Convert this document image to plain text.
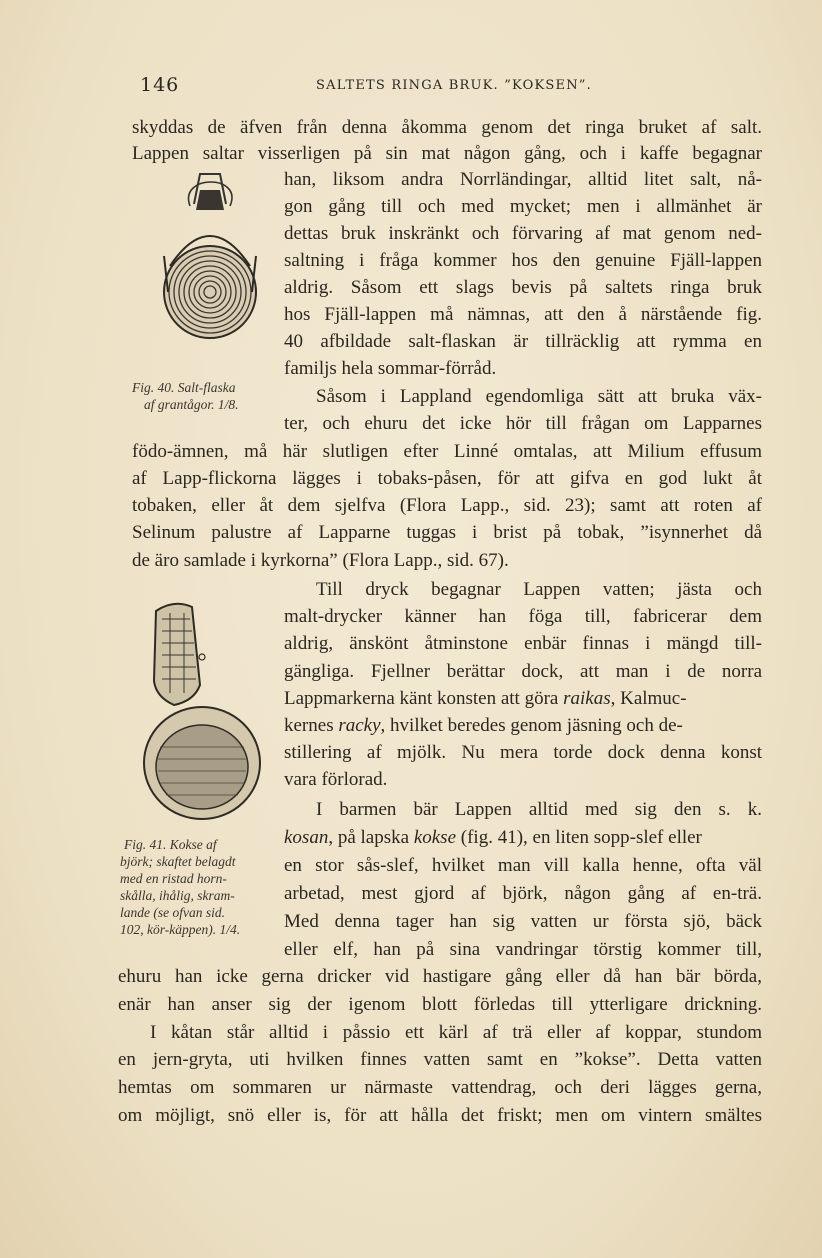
146	SALTETS RINGA BRUK. ”KOKSEN”.
Fig. 40. Salt-flaska
af grantågor. 1/8.
Fig. 41. Kokse af
björk; skaftet belagdt
med en ristad horn-
skålla, ihålig, skram-
lande (se ofvan sid.
102, kör-käppen). 1/4.
skyddas de äfven från denna åkomma genom det ringa bruket af salt.
Lappen saltar visserligen på sin mat någon gång, och i kaffe begagnar
han, liksom andra Norrländingar, alltid litet salt, nå-
gon gång till och med mycket; men i allmänhet är
dettas bruk inskränkt och förvaring af mat genom ned-
saltning i fråga kommer hos den genuine Fjäll-lappen
aldrig. Såsom ett slags bevis på saltets ringa bruk
hos Fjäll-lappen må nämnas, att den å närstående fig.
40 afbildade salt-flaskan är tillräcklig att rymma en
familjs hela sommar-förråd.
Såsom i Lappland egendomliga sätt att bruka väx-
ter, och ehuru det icke hör till frågan om Lapparnes
födo-ämnen, må här slutligen efter Linné omtalas, att Milium effusum
af Lapp-flickorna lägges i tobaks-påsen, för att gifva en god lukt åt
tobaken, eller åt dem sjelfva (Flora Lapp., sid. 23); samt att roten af
Selinum palustre af Lapparne tuggas i brist på tobak, ”isynnerhet då
de äro samlade i kyrkorna” (Flora Lapp., sid. 67).
Till dryck begagnar Lappen vatten; jästa och
malt-drycker känner han föga till, fabricerar dem
aldrig, änskönt åtminstone enbär finnas i mängd till-
gängliga. Fjellner berättar dock, att man i de norra
Lappmarkerna känt konsten att göra raikas, Kalmuc-
kernes racky, hvilket beredes genom jäsning och de-
stillering af mjölk. Nu mera torde dock denna konst
vara förlorad.
I barmen bär Lappen alltid med sig den s. k.
kosan, på lapska kokse (fig. 41), en liten sopp-slef eller
en stor sås-slef, hvilket man vill kalla henne, ofta väl
arbetad, mest gjord af björk, någon gång af en-trä.
Med denna tager han sig vatten ur första sjö, bäck
eller elf, han på sina vandringar törstig kommer till,
ehuru han icke gerna dricker vid hastigare gång eller då han bär börda,
enär han anser sig der igenom blott förledas till ytterligare drickning.
I kåtan står alltid i påssio ett kärl af trä eller af koppar, stundom
en jern-gryta, uti hvilken finnes vatten samt en ”kokse”. Detta vatten
hemtas om sommaren ur närmaste vattendrag, och deri lägges gerna,
om möjligt, snö eller is, för att hålla det friskt; men om vintern smältes
